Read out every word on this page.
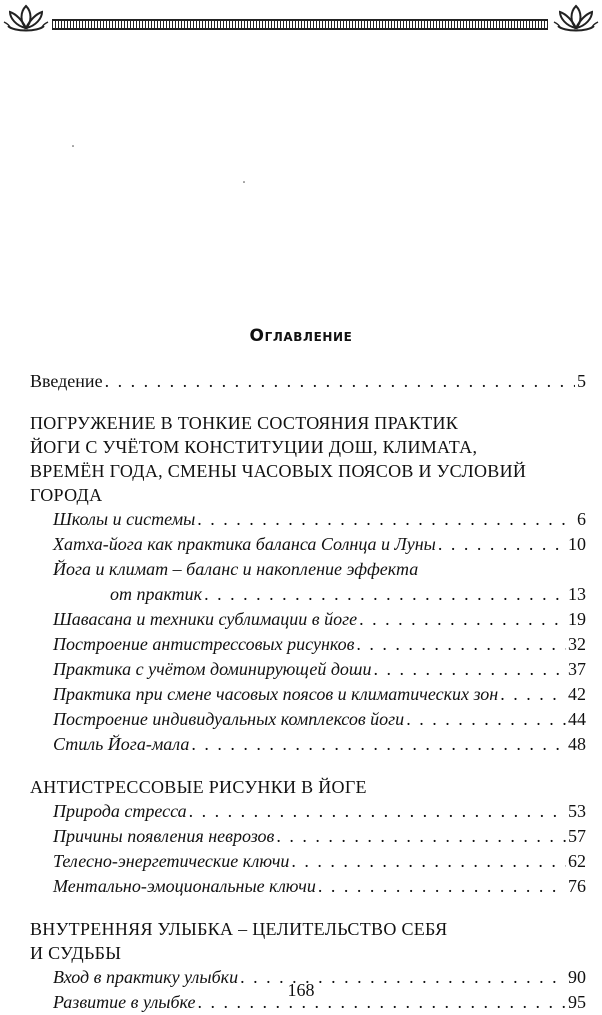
Оглавление
Введение . . .	5
ПОГРУЖЕНИЕ В ТОНКИЕ СОСТОЯНИЯ ПРАКТИК
ЙОГИ С УЧЁТОМ КОНСТИТУЦИИ ДОШ, КЛИМАТА,
ВРЕМЁН ГОДА, СМЕНЫ ЧАСОВЫХ ПОЯСОВ И УСЛОВИЙ
ГОРОДА
Школы и системы . . .	6
Хатха-йога как практика баланса Солнца и Луны . . .	10
Йога и климат – баланс и накопление эффекта
от практик . . .	13
Шавасана и техники сублимации в йоге . . .	19
Построение антистрессовых рисунков . . .	32
Практика с учётом доминирующей доши . . .	37
Практика при смене часовых поясов и климатических зон . . .	42
Построение индивидуальных комплексов йоги . . .	44
Стиль Йога-мала . . .	48
АНТИСТРЕССОВЫЕ РИСУНКИ В ЙОГЕ
Природа стресса . . .	53
Причины появления неврозов . . .	57
Телесно-энергетические ключи . . .	62
Ментально-эмоциональные ключи . . .	76
ВНУТРЕННЯЯ УЛЫБКА – ЦЕЛИТЕЛЬСТВО СЕБЯ
И СУДЬБЫ
Вход в практику улыбки . . .	90
Развитие в улыбке . . .	95
168
